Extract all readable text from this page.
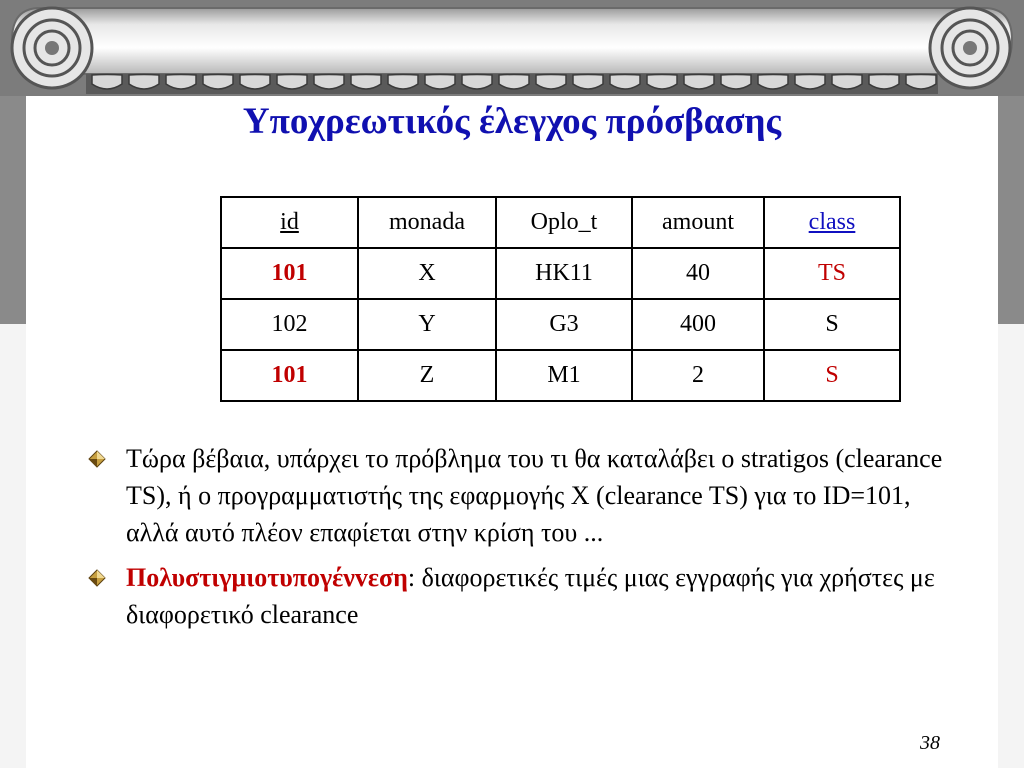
Υποχρεωτικός έλεγχος πρόσβασης
id	monada	Oplo_t	amount	class
101	X	HK11	40	TS
102	Y	G3	400	S
101	Z	M1	2	S
Τώρα βέβαια, υπάρχει το πρόβλημα του τι θα καταλάβει ο stratigos (clearance TS), ή ο προγραμματιστής της εφαρμογής X (clearance TS) για το ID=101, αλλά αυτό πλέον επαφίεται στην κρίση του ...
Πολυστιγμιοτυπογένvεση: διαφορετικές τιμές μιας εγγραφής για χρήστες με διαφορετικό clearance
38
